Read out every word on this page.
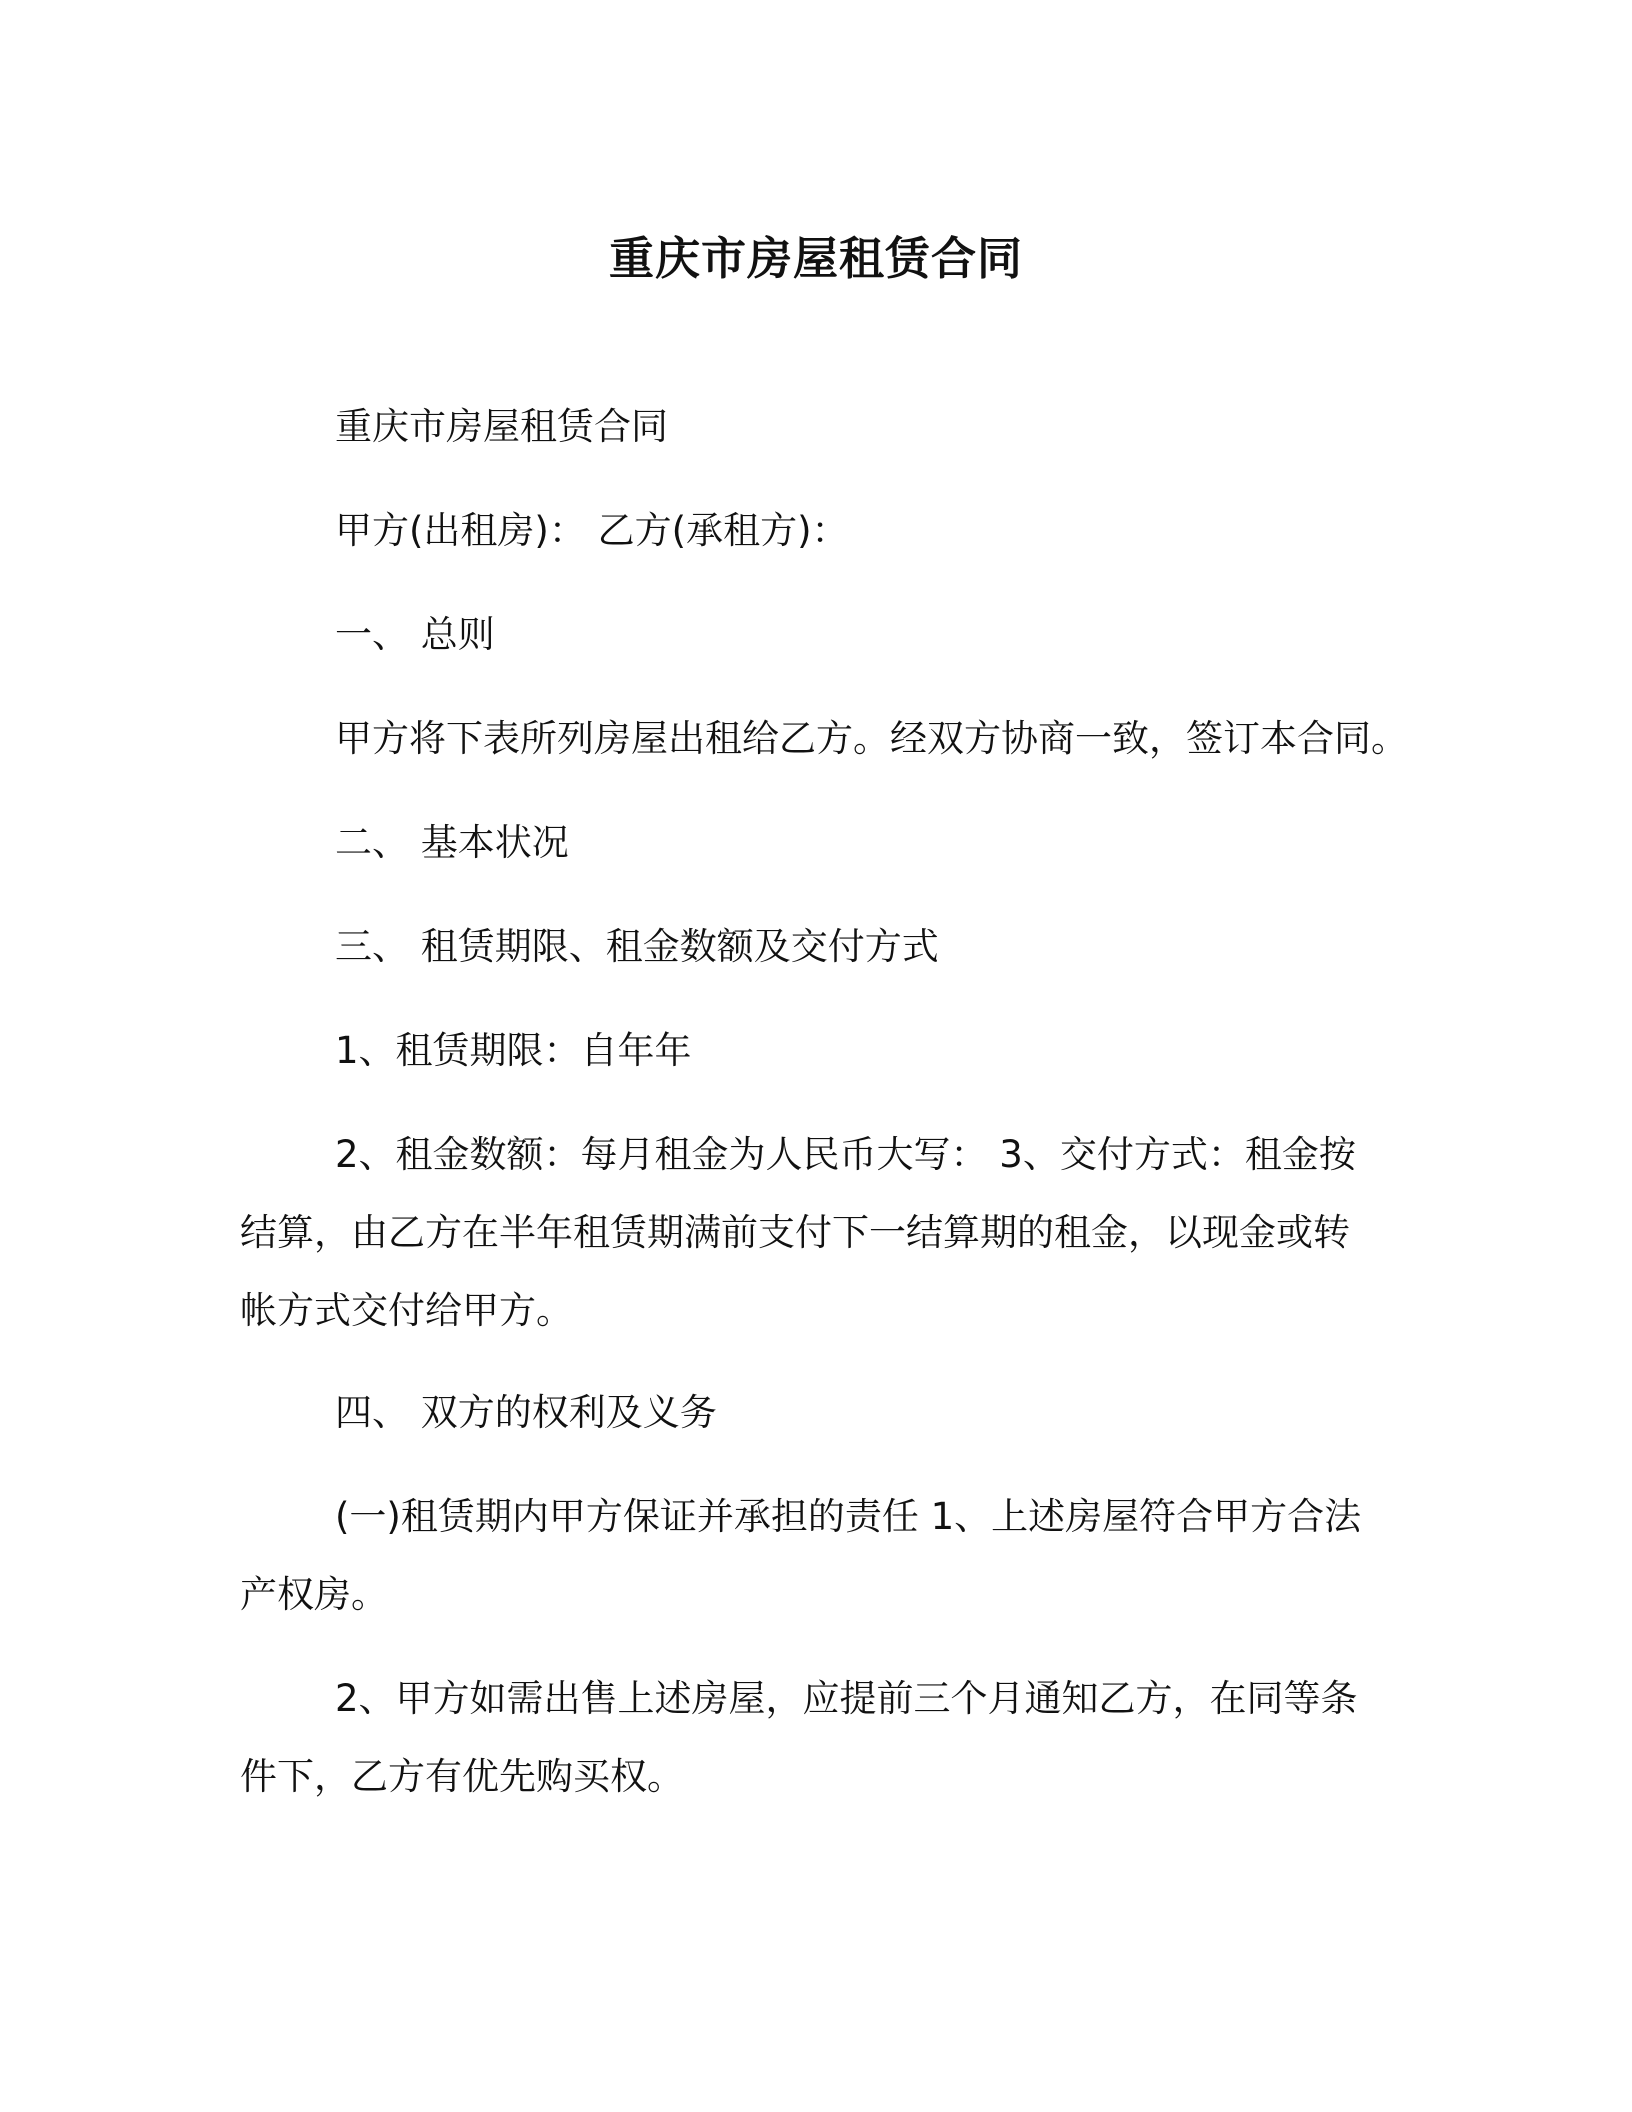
重庆市房屋租赁合同
重庆市房屋租赁合同
甲方(出租房)： 乙方(承租方)：
一、 总则
甲方将下表所列房屋出租给乙方。经双方协商一致，签订本合同。
二、 基本状况
三、 租赁期限、租金数额及交付方式
1、租赁期限：自年年
2、租金数额：每月租金为人民币大写： 3、交付方式：租金按
结算，由乙方在半年租赁期满前支付下一结算期的租金，以现金或转
帐方式交付给甲方。
四、 双方的权利及义务
(一)租赁期内甲方保证并承担的责任 1、上述房屋符合甲方合法
产权房。
2、甲方如需出售上述房屋，应提前三个月通知乙方，在同等条
件下，乙方有优先购买权。
